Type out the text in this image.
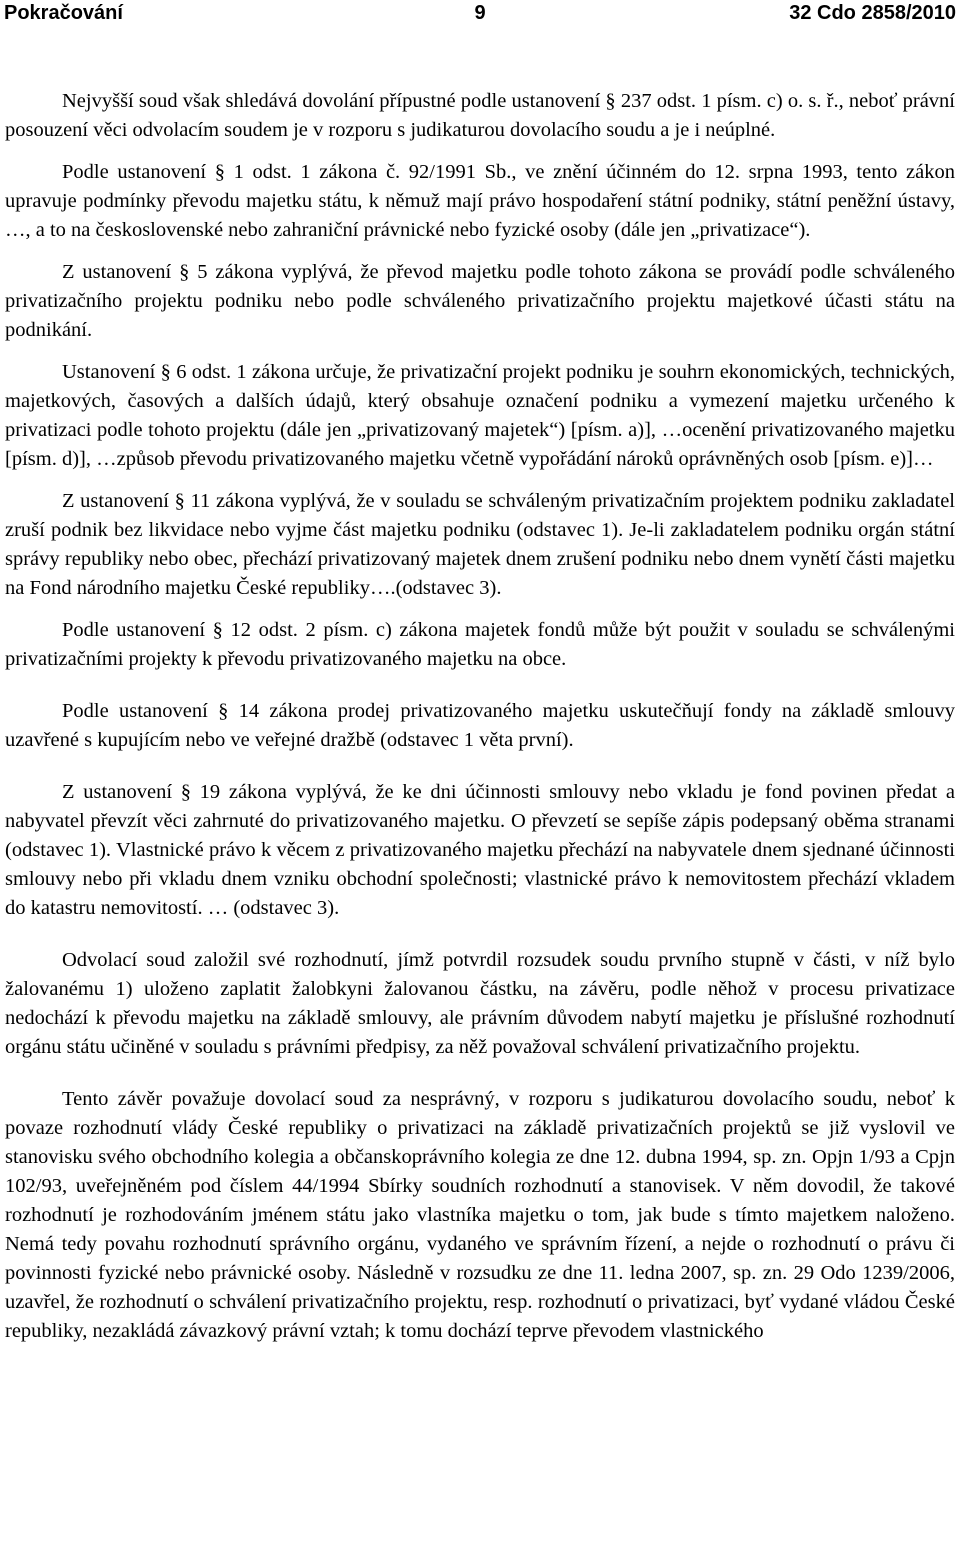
9
Pokračování	32 Cdo 2858/2010

Nejvyšší soud však shledává dovolání přípustné podle ustanovení § 237 odst. 1 písm. c) o. s. ř., neboť právní posouzení věci odvolacím soudem je v rozporu s judikaturou dovolacího soudu a je i neúplné.

Podle ustanovení § 1 odst. 1 zákona č. 92/1991 Sb., ve znění účinném do 12. srpna 1993, tento zákon upravuje podmínky převodu majetku státu, k němuž mají právo hospodaření státní podniky, státní peněžní ústavy, …, a to na československé nebo zahraniční právnické nebo fyzické osoby (dále jen „privatizace“).

Z ustanovení § 5 zákona vyplývá, že převod majetku podle tohoto zákona se provádí podle schváleného privatizačního projektu podniku nebo podle schváleného privatizačního projektu majetkové účasti státu na podnikání.

Ustanovení § 6 odst. 1 zákona určuje, že privatizační projekt podniku je souhrn ekonomických, technických, majetkových, časových a dalších údajů, který obsahuje označení podniku a vymezení majetku určeného k privatizaci podle tohoto projektu (dále jen „privatizovaný majetek“) [písm. a)], …ocenění privatizovaného majetku [písm. d)], …způsob převodu privatizovaného majetku včetně vypořádání nároků oprávněných osob [písm. e)]…

Z ustanovení § 11 zákona vyplývá, že v souladu se schváleným privatizačním projektem podniku zakladatel zruší podnik bez likvidace nebo vyjme část majetku podniku (odstavec 1). Je-li zakladatelem podniku orgán státní správy republiky nebo obec, přechází privatizovaný majetek dnem zrušení podniku nebo dnem vynětí části majetku na Fond národního majetku České republiky….(odstavec 3).

Podle ustanovení § 12 odst. 2 písm. c) zákona majetek fondů může být použit v souladu se schválenými privatizačními projekty k převodu privatizovaného majetku na obce.

Podle ustanovení § 14 zákona prodej privatizovaného majetku uskutečňují fondy na základě smlouvy uzavřené s kupujícím nebo ve veřejné dražbě (odstavec 1 věta první).

Z ustanovení § 19 zákona vyplývá, že ke dni účinnosti smlouvy nebo vkladu je fond povinen předat a nabyvatel převzít věci zahrnuté do privatizovaného majetku. O převzetí se sepíše zápis podepsaný oběma stranami (odstavec 1). Vlastnické právo k věcem z privatizovaného majetku přechází na nabyvatele dnem sjednané účinnosti smlouvy nebo při vkladu dnem vzniku obchodní společnosti; vlastnické právo k nemovitostem přechází vkladem do katastru nemovitostí. … (odstavec 3).

Odvolací soud založil své rozhodnutí, jímž potvrdil rozsudek soudu prvního stupně v části, v níž bylo žalovanému 1) uloženo zaplatit žalobkyni žalovanou částku, na závěru, podle něhož v procesu privatizace nedochází k převodu majetku na základě smlouvy, ale právním důvodem nabytí majetku je příslušné rozhodnutí orgánu státu učiněné v souladu s právními předpisy, za něž považoval schválení privatizačního projektu.

Tento závěr považuje dovolací soud za nesprávný, v rozporu s judikaturou dovolacího soudu, neboť k povaze rozhodnutí vlády České republiky o privatizaci na základě privatizačních projektů se již vyslovil ve stanovisku svého obchodního kolegia a občanskoprávního kolegia ze dne 12. dubna 1994, sp. zn. Opjn 1/93 a Cpjn 102/93, uveřejněném pod číslem 44/1994 Sbírky soudních rozhodnutí a stanovisek. V něm dovodil, že takové rozhodnutí je rozhodováním jménem státu jako vlastníka majetku o tom, jak bude s tímto majetkem naloženo. Nemá tedy povahu rozhodnutí správního orgánu, vydaného ve správním řízení, a nejde o rozhodnutí o právu či povinnosti fyzické nebo právnické osoby. Následně v rozsudku ze dne 11. ledna 2007, sp. zn. 29 Odo 1239/2006, uzavřel, že rozhodnutí o schválení privatizačního projektu, resp. rozhodnutí o privatizaci, byť vydané vládou České republiky, nezakládá závazkový právní vztah; k tomu dochází teprve převodem vlastnického
